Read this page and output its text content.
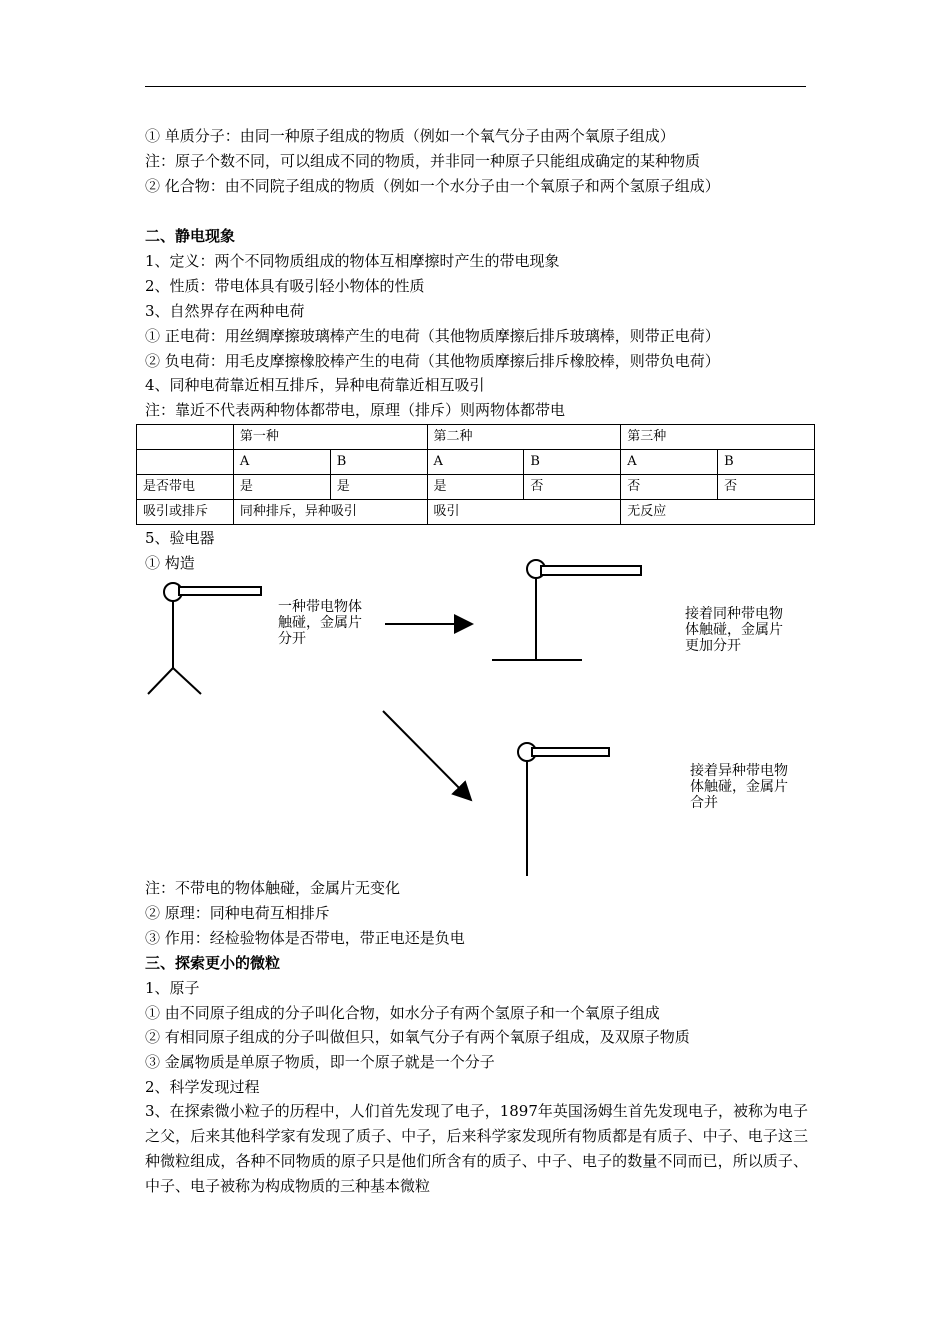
① 单质分子：由同一种原子组成的物质（例如一个氧气分子由两个氧原子组成）
注：原子个数不同，可以组成不同的物质，并非同一种原子只能组成确定的某种物质
② 化合物：由不同院子组成的物质（例如一个水分子由一个氧原子和两个氢原子组成）
二、静电现象
1、定义：两个不同物质组成的物体互相摩擦时产生的带电现象
2、性质：带电体具有吸引轻小物体的性质
3、自然界存在两种电荷
① 正电荷：用丝绸摩擦玻璃棒产生的电荷（其他物质摩擦后排斥玻璃棒，则带正电荷）
② 负电荷：用毛皮摩擦橡胶棒产生的电荷（其他物质摩擦后排斥橡胶棒，则带负电荷）
4、同种电荷靠近相互排斥，异种电荷靠近相互吸引
注：靠近不代表两种物体都带电，原理（排斥）则两物体都带电
	第一种		第二种		第三种	
	A	B	A	B	A	B
是否带电	是	是	是	否	否	否
吸引或排斥	同种排斥，异种吸引		吸引		无反应	
5、验电器
① 构造
一种带电物体触碰，金属片分开
接着同种带电物体触碰，金属片更加分开
接着异种带电物体触碰，金属片合并
注：不带电的物体触碰，金属片无变化
② 原理：同种电荷互相排斥
③ 作用：经检验物体是否带电，带正电还是负电
三、探索更小的微粒
1、原子
① 由不同原子组成的分子叫化合物，如水分子有两个氢原子和一个氧原子组成
② 有相同原子组成的分子叫做但只，如氧气分子有两个氧原子组成，及双原子物质
③ 金属物质是单原子物质，即一个原子就是一个分子
2、科学发现过程
3、在探索微小粒子的历程中，人们首先发现了电子，1897年英国汤姆生首先发现电子，被称为电子之父，后来其他科学家有发现了质子、中子，后来科学家发现所有物质都是有质子、中子、电子这三种微粒组成，各种不同物质的原子只是他们所含有的质子、中子、电子的数量不同而已，所以质子、中子、电子被称为构成物质的三种基本微粒
